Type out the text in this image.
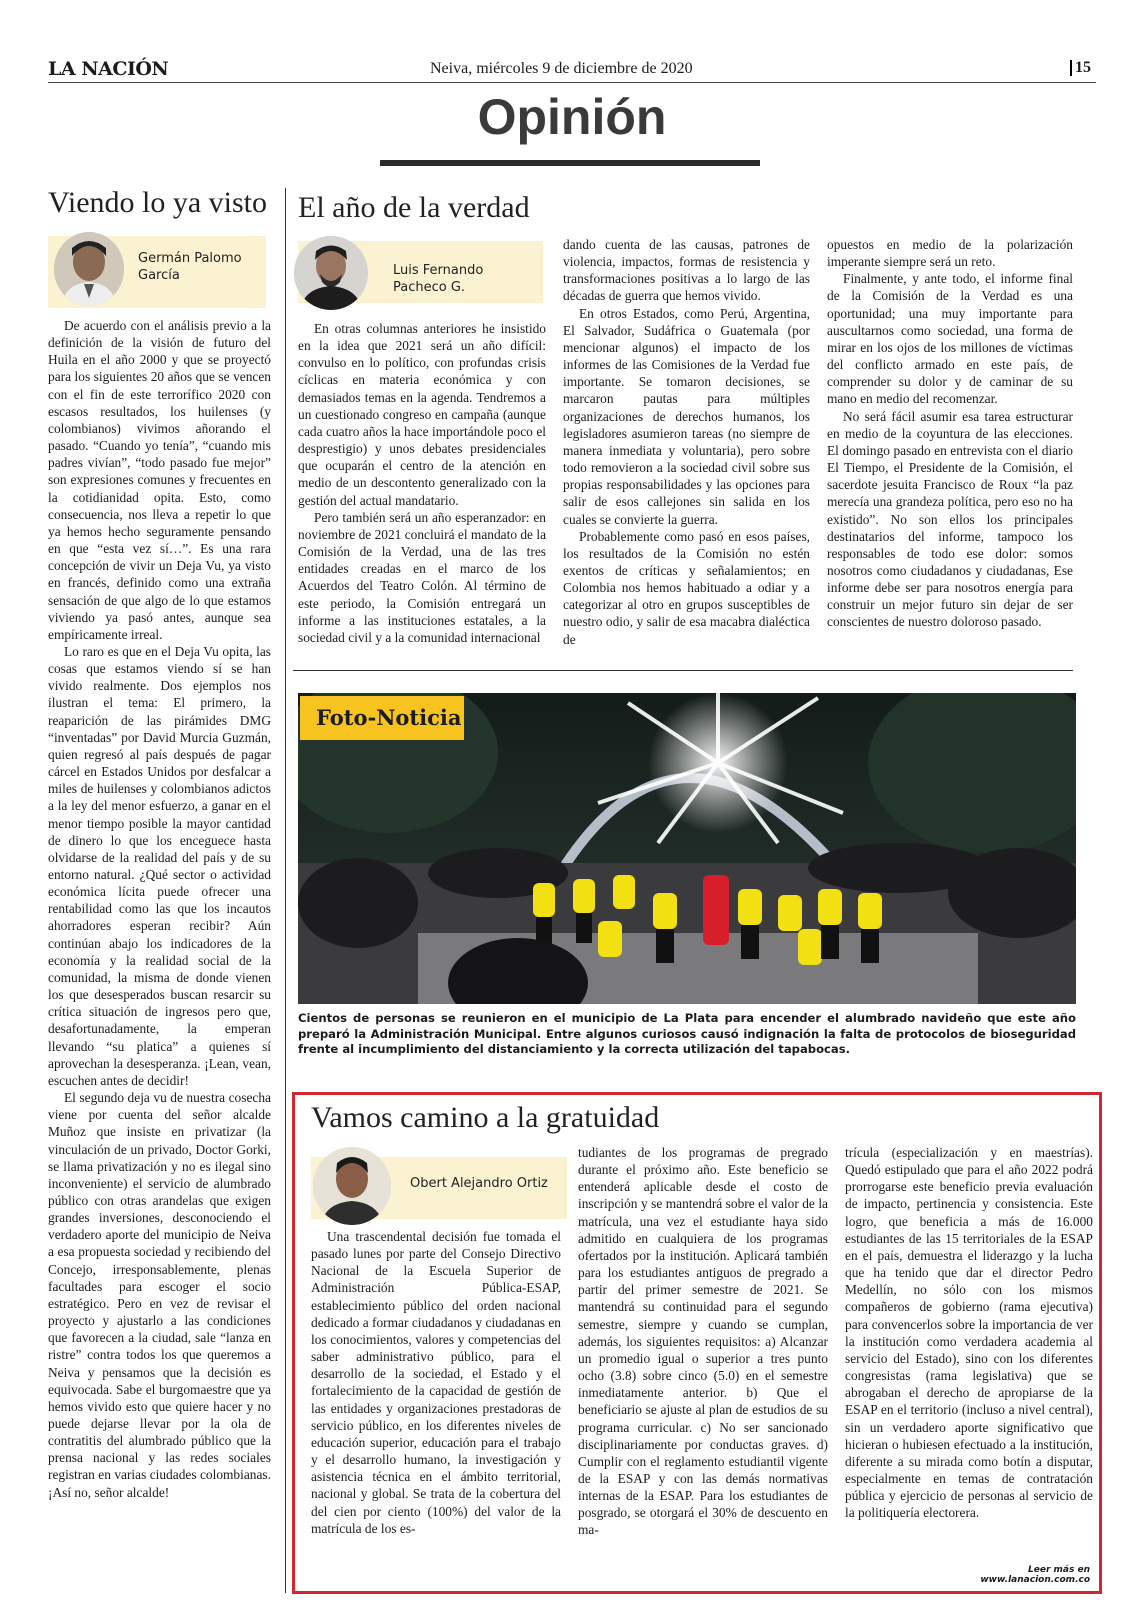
LA NACIÓN	Neiva, miércoles 9 de diciembre de 2020	15
Opinión
Viendo lo ya visto
Germán Palomo García

De acuerdo con el análisis previo a la definición de la visión de futuro del Huila en el año 2000 y que se proyectó para los siguientes 20 años que se vencen con el fin de este terrorífico 2020 con escasos resultados, los huilenses (y colombianos) vivimos añorando el pasado. “Cuando yo tenía”, “cuando mis padres vivían”, “todo pasado fue mejor” son expresiones comunes y frecuentes en la cotidianidad opita. Esto, como consecuencia, nos lleva a repetir lo que ya hemos hecho seguramente pensando en que “esta vez sí…”. Es una rara concepción de vivir un Deja Vu, ya visto en francés, definido como una extraña sensación de que algo de lo que estamos viviendo ya pasó antes, aunque sea empíricamente irreal.

Lo raro es que en el Deja Vu opita, las cosas que estamos viendo sí se han vivido realmente. Dos ejemplos nos ilustran el tema: El primero, la reaparición de las pirámides DMG “inventadas” por David Murcia Guzmán, quien regresó al país después de pagar cárcel en Estados Unidos por desfalcar a miles de huilenses y colombianos adictos a la ley del menor esfuerzo, a ganar en el menor tiempo posible la mayor cantidad de dinero lo que los enceguece hasta olvidarse de la realidad del país y de su entorno natural. ¿Qué sector o actividad económica lícita puede ofrecer una rentabilidad como las que los incautos ahorradores esperan recibir? Aún continúan abajo los indicadores de la economía y la realidad social de la comunidad, la misma de donde vienen los que desesperados buscan resarcir su crítica situación de ingresos pero que, desafortunadamente, la emperan llevando “su platica” a quienes sí aprovechan la desesperanza. ¡Lean, vean, escuchen antes de decidir!

El segundo deja vu de nuestra cosecha viene por cuenta del señor alcalde Muñoz que insiste en privatizar (la vinculación de un privado, Doctor Gorki, se llama privatización y no es ilegal sino inconveniente) el servicio de alumbrado público con otras arandelas que exigen grandes inversiones, desconociendo el verdadero aporte del municipio de Neiva a esa propuesta sociedad y recibiendo del Concejo, irresponsablemente, plenas facultades para escoger el socio estratégico. Pero en vez de revisar el proyecto y ajustarlo a las condiciones que favorecen a la ciudad, sale “lanza en ristre” contra todos los que queremos a Neiva y pensamos que la decisión es equivocada. Sabe el burgomaestre que ya hemos vivido esto que quiere hacer y no puede dejarse llevar por la ola de contratitis del alumbrado público que la prensa nacional y las redes sociales registran en varias ciudades colombianas. ¡Así no, señor alcalde!

El año de la verdad
Luis Fernando Pacheco G.

En otras columnas anteriores he insistido en la idea que 2021 será un año difícil: convulso en lo político, con profundas crisis cíclicas en materia económica y con demasiados temas en la agenda. Tendremos a un cuestionado congreso en campaña (aunque cada cuatro años la hace importándole poco el desprestigio) y unos debates presidenciales que ocuparán el centro de la atención en medio de un descontento generalizado con la gestión del actual mandatario.

Pero también será un año esperanzador: en noviembre de 2021 concluirá el mandato de la Comisión de la Verdad, una de las tres entidades creadas en el marco de los Acuerdos del Teatro Colón. Al término de este periodo, la Comisión entregará un informe a las instituciones estatales, a la sociedad civil y a la comunidad internacional

dando cuenta de las causas, patrones de violencia, impactos, formas de resistencia y transformaciones positivas a lo largo de las décadas de guerra que hemos vivido.

En otros Estados, como Perú, Argentina, El Salvador, Sudáfrica o Guatemala (por mencionar algunos) el impacto de los informes de las Comisiones de la Verdad fue importante. Se tomaron decisiones, se marcaron pautas para múltiples organizaciones de derechos humanos, los legisladores asumieron tareas (no siempre de manera inmediata y voluntaria), pero sobre todo removieron a la sociedad civil sobre sus propias responsabilidades y las opciones para salir de esos callejones sin salida en los cuales se convierte la guerra.

Probablemente como pasó en esos países, los resultados de la Comisión no estén exentos de críticas y señalamientos; en Colombia nos hemos habituado a odiar y a categorizar al otro en grupos susceptibles de nuestro odio, y salir de esa macabra dialéctica de

opuestos en medio de la polarización imperante siempre será un reto.

Finalmente, y ante todo, el informe final de la Comisión de la Verdad es una oportunidad; una muy importante para auscultarnos como sociedad, una forma de mirar en los ojos de los millones de víctimas del conflicto armado en este país, de comprender su dolor y de caminar de su mano en medio del recomenzar.

No será fácil asumir esa tarea estructurar en medio de la coyuntura de las elecciones. El domingo pasado en entrevista con el diario El Tiempo, el Presidente de la Comisión, el sacerdote jesuita Francisco de Roux “la paz merecía una grandeza política, pero eso no ha existido”. No son ellos los principales destinatarios del informe, tampoco los responsables de todo ese dolor: somos nosotros como ciudadanos y ciudadanas, Ese informe debe ser para nosotros energía para construir un mejor futuro sin dejar de ser conscientes de nuestro doloroso pasado.

Foto-Noticia
Cientos de personas se reunieron en el municipio de La Plata para encender el alumbrado navideño que este año preparó la Administración Municipal. Entre algunos curiosos causó indignación la falta de protocolos de bioseguridad frente al incumplimiento del distanciamiento y la correcta utilización del tapabocas.
Vamos camino a la gratuidad
Obert Alejandro Ortiz

Una trascendental decisión fue tomada el pasado lunes por parte del Consejo Directivo Nacional de la Escuela Superior de Administración Pública-ESAP, establecimiento público del orden nacional dedicado a formar ciudadanos y ciudadanas en los conocimientos, valores y competencias del saber administrativo público, para el desarrollo de la sociedad, el Estado y el fortalecimiento de la capacidad de gestión de las entidades y organizaciones prestadoras de servicio público, en los diferentes niveles de educación superior, educación para el trabajo y el desarrollo humano, la investigación y asistencia técnica en el ámbito territorial, nacional y global. Se trata de la cobertura del del cien por ciento (100%) del valor de la matrícula de los es-

tudiantes de los programas de pregrado durante el próximo año. Este beneficio se entenderá aplicable desde el costo de inscripción y se mantendrá sobre el valor de la matrícula, una vez el estudiante haya sido admitido en cualquiera de los programas ofertados por la institución. Aplicará también para los estudiantes antiguos de pregrado a partir del primer semestre de 2021. Se mantendrá su continuidad para el segundo semestre, siempre y cuando se cumplan, además, los siguientes requisitos: a) Alcanzar un promedio igual o superior a tres punto ocho (3.8) sobre cinco (5.0) en el semestre inmediatamente anterior. b) Que el beneficiario se ajuste al plan de estudios de su programa curricular. c) No ser sancionado disciplinariamente por conductas graves. d) Cumplir con el reglamento estudiantil vigente de la ESAP y con las demás normativas internas de la ESAP. Para los estudiantes de posgrado, se otorgará el 30% de descuento en ma-

trícula (especialización y en maestrías). Quedó estipulado que para el año 2022 podrá prorrogarse este beneficio previa evaluación de impacto, pertinencia y consistencia. Este logro, que beneficia a más de 16.000 estudiantes de las 15 territoriales de la ESAP en el país, demuestra el liderazgo y la lucha que ha tenido que dar el director Pedro Medellín, no sólo con los mismos compañeros de gobierno (rama ejecutiva) para convencerlos sobre la importancia de ver la institución como verdadera academia al servicio del Estado), sino con los diferentes congresistas (rama legislativa) que se abrogaban el derecho de apropiarse de la ESAP en el territorio (incluso a nivel central), sin un verdadero aporte significativo que hicieran o hubiesen efectuado a la institución, diferente a su mirada como botín a disputar, especialmente en temas de contratación pública y ejercicio de personas al servicio de la politiquería electorera.

Leer más en www.lanacion.com.co
